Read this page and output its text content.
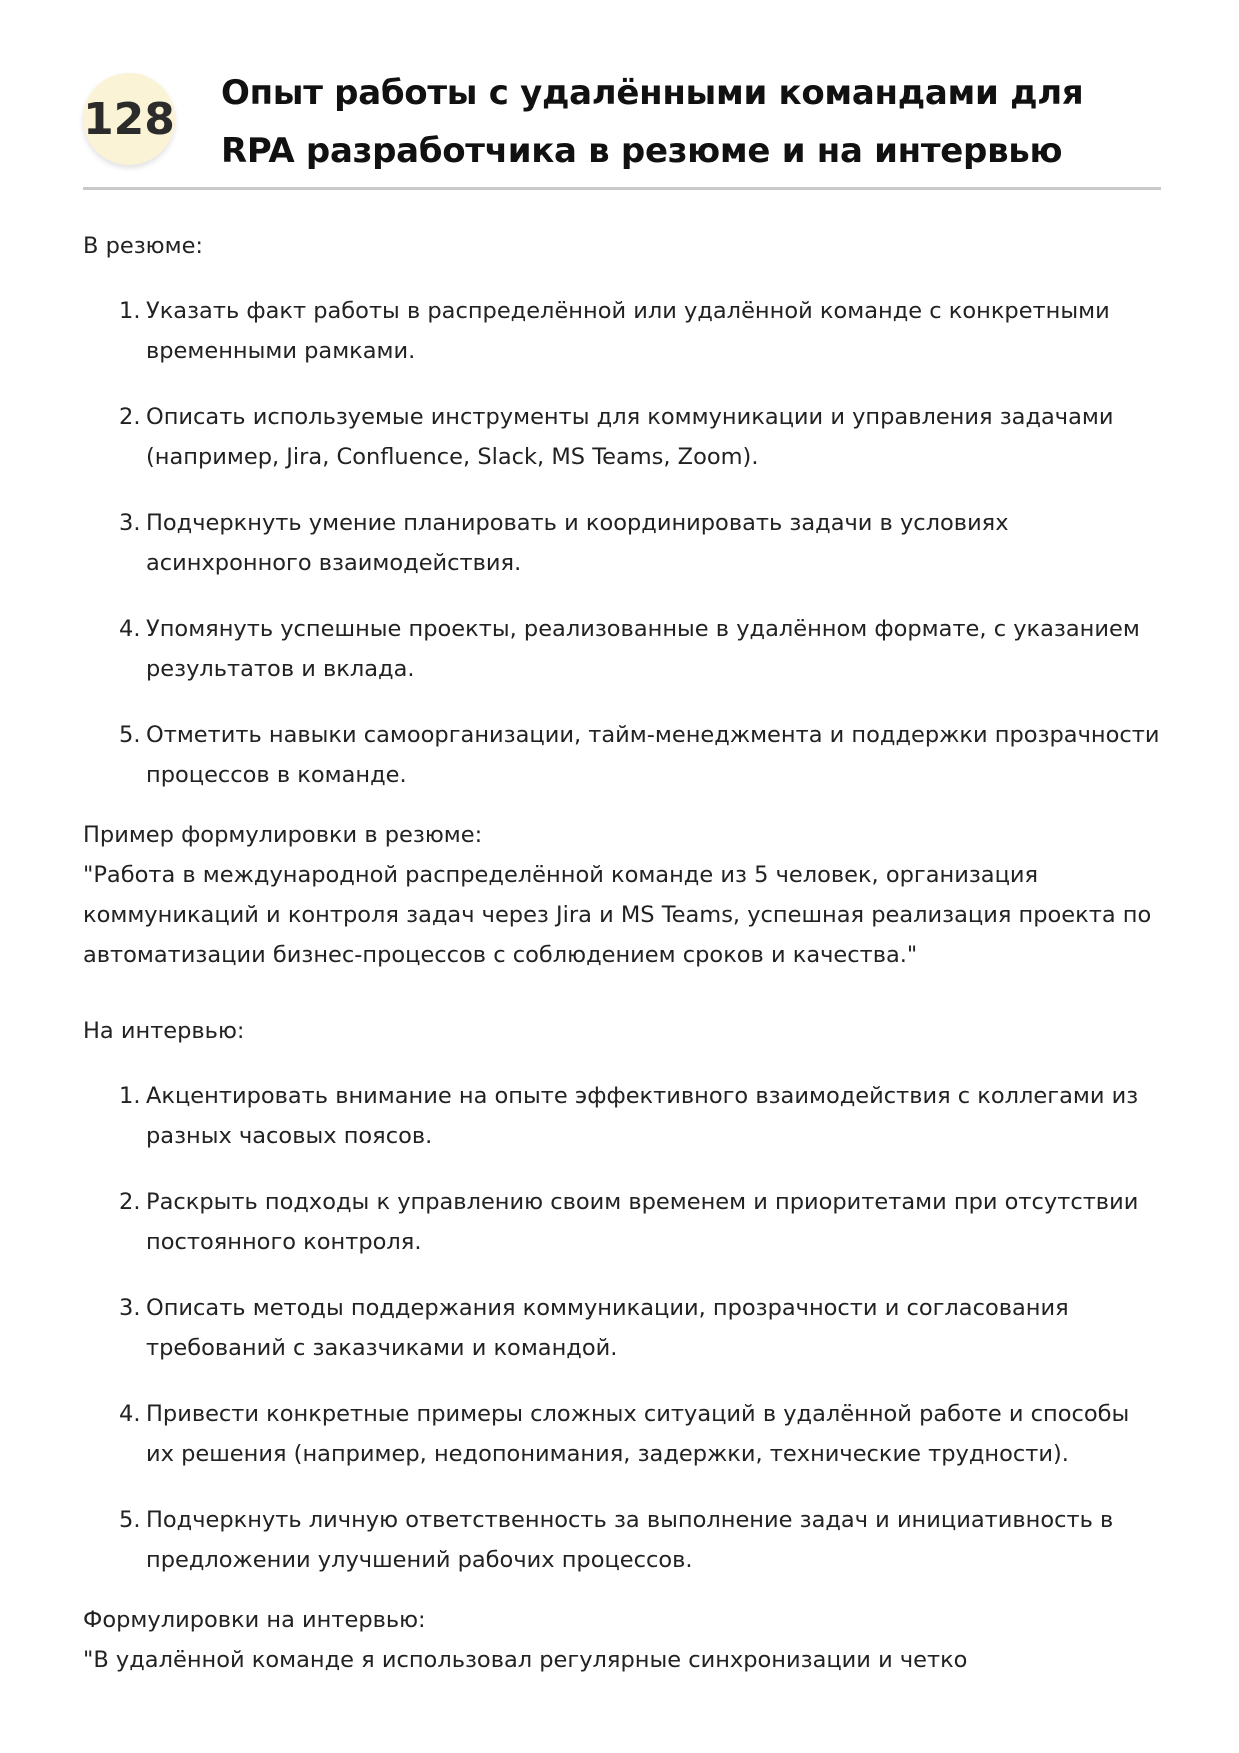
128
Опыт работы с удалёнными командами для RPA разработчика в резюме и на интервью

В резюме:

1. Указать факт работы в распределённой или удалённой команде с конкретными временными рамками.
2. Описать используемые инструменты для коммуникации и управления задачами (например, Jira, Confluence, Slack, MS Teams, Zoom).
3. Подчеркнуть умение планировать и координировать задачи в условиях асинхронного взаимодействия.
4. Упомянуть успешные проекты, реализованные в удалённом формате, с указанием результатов и вклада.
5. Отметить навыки самоорганизации, тайм-менеджмента и поддержки прозрачности процессов в команде.

Пример формулировки в резюме:

"Работа в международной распределённой команде из 5 человек, организация коммуникаций и контроля задач через Jira и MS Teams, успешная реализация проекта по автоматизации бизнес-процессов с соблюдением сроков и качества."

На интервью:

1. Акцентировать внимание на опыте эффективного взаимодействия с коллегами из разных часовых поясов.
2. Раскрыть подходы к управлению своим временем и приоритетами при отсутствии постоянного контроля.
3. Описать методы поддержания коммуникации, прозрачности и согласования требований с заказчиками и командой.
4. Привести конкретные примеры сложных ситуаций в удалённой работе и способы их решения (например, недопонимания, задержки, технические трудности).
5. Подчеркнуть личную ответственность за выполнение задач и инициативность в предложении улучшений рабочих процессов.

Формулировки на интервью:

"В удалённой команде я использовал регулярные синхронизации и четко
